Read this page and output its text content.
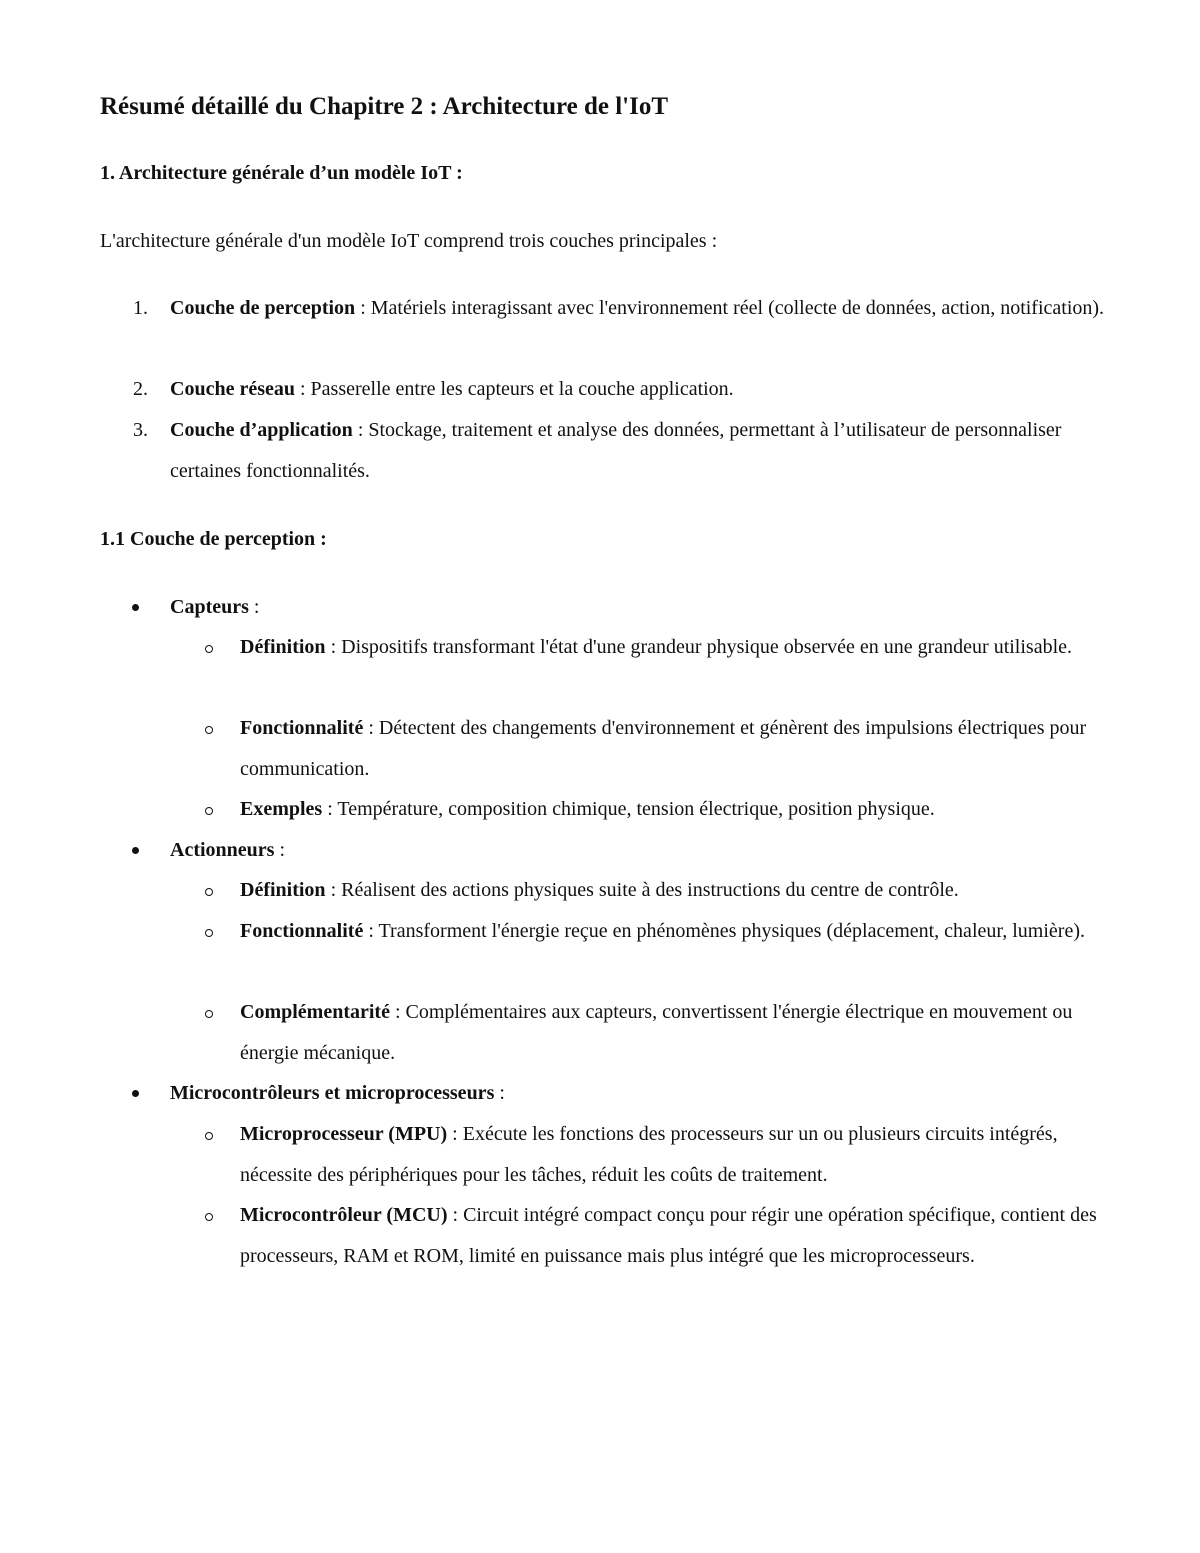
Résumé détaillé du Chapitre 2 : Architecture de l'IoT
1. Architecture générale d’un modèle IoT :

L'architecture générale d'un modèle IoT comprend trois couches principales :

1. Couche de perception : Matériels interagissant avec l'environnement réel (collecte de données, action, notification).
2. Couche réseau : Passerelle entre les capteurs et la couche application.
3. Couche d’application : Stockage, traitement et analyse des données, permettant à l’utilisateur de personnaliser certaines fonctionnalités.
1.1 Couche de perception :
Capteurs :
Définition : Dispositifs transformant l'état d'une grandeur physique observée en une grandeur utilisable.
Fonctionnalité : Détectent des changements d'environnement et génèrent des impulsions électriques pour communication.
Exemples : Température, composition chimique, tension électrique, position physique.
Actionneurs :
Définition : Réalisent des actions physiques suite à des instructions du centre de contrôle.
Fonctionnalité : Transforment l'énergie reçue en phénomènes physiques (déplacement, chaleur, lumière).
Complémentarité : Complémentaires aux capteurs, convertissent l'énergie électrique en mouvement ou énergie mécanique.
Microcontrôleurs et microprocesseurs :
Microprocesseur (MPU) : Exécute les fonctions des processeurs sur un ou plusieurs circuits intégrés, nécessite des périphériques pour les tâches, réduit les coûts de traitement.
Microcontrôleur (MCU) : Circuit intégré compact conçu pour régir une opération spécifique, contient des processeurs, RAM et ROM, limité en puissance mais plus intégré que les microprocesseurs.
